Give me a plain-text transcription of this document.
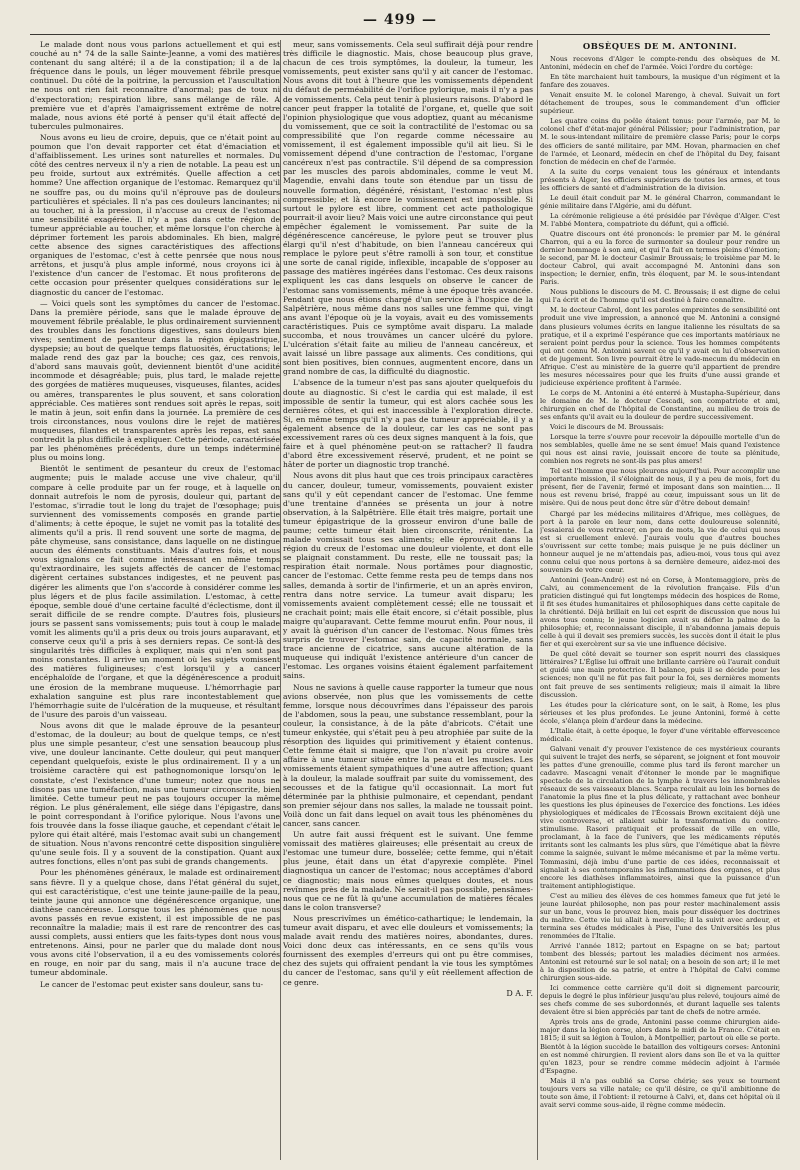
— 499 —

Le malade dont nous vous parlons actuellement et qui est couché au n° 74 de la salle Sainte-Jeanne, a vomi des matières contenant du sang altéré; il a de la constipation; il a de la fréquence dans le pouls, un léger mouvement fébrile presque continuel. Du côté de la poitrine, la percussion et l'auscultation ne nous ont rien fait reconnaître d'anormal; pas de toux ni d'expectoration; respiration libre, sans mélange de râle. A première vue et d'après l'amaigrissement extrême de notre malade, nous avions été porté à penser qu'il était affecté de tubercules pulmonaires.

Nous avons eu lieu de croire, depuis, que ce n'était point au poumon que l'on devait rapporter cet état d'émaciation et d'affaiblissement. Les urines sont naturelles et normales. Du côté des centres nerveux il n'y a rien de notable. La peau est un peu froide, surtout aux extrémités. Quelle affection a cet homme? Une affection organique de l'estomac. Remarquez qu'il ne souffre pas, ou du moins qu'il n'éprouve pas de douleurs particulières et spéciales. Il n'a pas ces douleurs lancinantes; ni au toucher, ni à la pression, il n'accuse au creux de l'estomac une sensibilité exagérée. Il n'y a pas dans cette région de tumeur appréciable au toucher, et même lorsque l'on cherche à déprimer fortement les parois abdominales. Eh bien, malgré cette absence des signes caractéristiques des affections organiques de l'estomac, c'est à cette penrsée que nous nous arrêtons, et jusqu'à plus ample informé, nous croyons ici à l'existence d'un cancer de l'estomac. Et nous profiterons de cette occasion pour présenter quelques considérations sur le diagnostic du cancer de l'estomac.

— Voici quels sont les symptômes du cancer de l'estomac. Dans la première période, sans que le malade éprouve de mouvement fébrile préalable, le plus ordinairement surviennent des troubles dans les fonctions digestives, sans douleurs bien vives; sentiment de pesanteur dans la région épigastrique, dyspepsie; au bout de quelque temps flatuosités, éructations; le malade rend des gaz par la bouche; ces gaz, ces renvois, d'abord sans mauvais goût, deviennent bientôt d'une acidité incommode et désagréable; puis, plus tard, le malade rejette des gorgées de matières muqueuses, visqueuses, filantes, acides ou amères, transparentes le plus souvent, et sans coloration appréciable. Ces matières sont rendues soit après le repas, soit le matin à jeun, soit enfin dans la journée. La première de ces trois circonstances, nous voulons dire le rejet de matières muqueuses, filantes et transparentes après les repas, est sans contredit la plus difficile à expliquer. Cette période, caractérisée par les phénomènes précédents, dure un temps indéterminé plus ou moins long.

Bientôt le sentiment de pesanteur du creux de l'estomac augmente; puis le malade accuse une vive chaleur, qu'il compare à celle produite par un fer rouge, et à laquelle on donnait autrefois le nom de pyrosis, douleur qui, partant de l'estomac, s'irradie tout le long du trajet de l'œsophage; puis surviennent des vomissements composés en grande partie d'aliments; à cette époque, le sujet ne vomit pas la totalité des aliments qu'il a pris. Il rend souvent une sorte de magma, de pâte chymeuse, sans consistance, dans laquelle on ne distingue aucun des éléments constituants. Mais d'autres fois, et nous vous signalons ce fait comme intéressant en même temps qu'extraordinaire, les sujets affectés de cancer de l'estomac digèrent certaines substances indigestes, et ne peuvent pas digérer les aliments que l'on s'accorde à considérer comme les plus légers et de plus facile assimilation. L'estomac, à cette époque, semble doué d'une certaine faculté d'éclectisme, dont il serait difficile de se rendre compte. D'autres fois, plusieurs jours se passent sans vomissements; puis tout à coup le malade vomit les aliments qu'il a pris deux ou trois jours auparavant, et conserve ceux qu'il a pris à ses derniers repas. Ce sont-là des singularités très difficiles à expliquer, mais qui n'en sont pas moins constantes. Il arrive un moment où les sujets vomissent des matières fuligineuses; c'est lorsqu'il y a cancer encéphaloïde de l'organe, et que la dégénérescence a produit une érosion de la membrane muqueuse. L'hémorrhagie par exhalation sanguine est plus rare incontestablement que l'hémorrhagie suite de l'ulcération de la muqueuse, et résultant de l'usure des parois d'un vaisseau.

Nous avons dit que le malade éprouve de la pesanteur d'estomac, de la douleur; au bout de quelque temps, ce n'est plus une simple pesanteur, c'est une sensation beaucoup plus vive, une douleur lancinante. Cette douleur, qui peut manquer cependant quelquefois, existe le plus ordinairement. Il y a un troisième caractère qui est pathognomonique lorsqu'on le constate, c'est l'existence d'une tumeur; notez que nous ne disons pas une tuméfaction, mais une tumeur circonscrite, bien limitée. Cette tumeur peut ne pas toujours occuper la même région. Le plus généralement, elle siége dans l'épigastre, dans le point correspondant à l'orifice pylorique. Nous l'avons une fois trouvée dans la fosse iliaque gauche, et cependant c'était le pylore qui était altéré, mais l'estomac avait subi un changement de situation. Nous n'avons rencontré cette disposition singulière qu'une seule fois. Il y a souvent de la constipation. Quant aux autres fonctions, elles n'ont pas subi de grands changements.

Pour les phénomènes généraux, le malade est ordinairement sans fièvre. Il y a quelque chose, dans l'état général du sujet, qui est caractéristique, c'est une teinte jaune-paille de la peau, teinte jaune qui annonce une dégénérescence organique, une diathèse cancéreuse. Lorsque tous les phénomènes que nous avons passés en revue existent, il est impossible de ne pas reconnaître la maladie; mais il est rare de rencontrer des cas aussi complets, aussi entiers que les faits-types dont nous vous entretenons. Ainsi, pour ne parler que du malade dont nous vous avons cité l'observation, il a eu des vomissements colorés en rouge, en noir par du sang, mais il n'a aucune trace de tumeur abdominale.

Le cancer de l'estomac peut exister sans douleur, sans tu-

meur, sans vomissements. Cela seul suffirait déjà pour rendre très difficile le diagnostic. Mais, chose beaucoup plus grave, chacun de ces trois symptômes, la douleur, la tumeur, les vomissements, peut exister sans qu'il y ait cancer de l'estomac. Nous avons dit tout à l'heure que les vomissements dépendent du défaut de perméabilité de l'orifice pylorique, mais il n'y a pas de vomissements. Cela peut tenir à plusieurs raisons. D'abord le cancer peut frapper la totalité de l'organe, et, quelle que soit l'opinion physiologique que vous adoptiez, quant au mécanisme du vomissement, que ce soit la contractilité de l'estomac ou sa compressibilité que l'on regarde comme nécessaire au vomissement, il est également impossible qu'il ait lieu. Si le vomissement dépend d'une contraction de l'estomac, l'organe cancéreux n'est pas contractile. S'il dépend de sa compression par les muscles des parois abdominales, comme le veut M. Magendie, envahi dans toute son étendue par un tissu de nouvelle formation, dégénéré, résistant, l'estomac n'est plus compressible; et là encore le vomissement est impossible. Si surtout le pylore est libre, comment cet acte pathologique pourrait-il avoir lieu? Mais voici une autre circonstance qui peut empêcher également le vomissement. Par suite de la dégénérescence cancéreuse, le pylore peut se trouver plus élargi qu'il n'est d'habitude, on bien l'anneau cancéreux qui remplace le pylore peut s'être ramolli à son tour, et constitue une sorte de canal rigide, inflexible, incapable de s'opposer au passage des matières ingérées dans l'estomac. Ces deux raisons expliquent les cas dans lesquels on observe le cancer de l'estomac sans vomissements, même à une époque très avancée. Pendant que nous étions chargé d'un service à l'hospice de la Salpêtrière, nous même dans nos salles une femme qui, vingt ans avant l'époque où je la voyais, avait eu des vomissements caractéristiques. Puis ce symptôme avait disparu. La malade succomba, et nous trouvâmes un cancer ulcéré du pylore. L'ulcération s'était faite au milieu de l'anneau cancéreux, et avait laissé un libre passage aux aliments. Ces conditions, qui sont bien positives, bien connues, augmentent encore, dans un grand nombre de cas, la difficulté du diagnostic.

L'absence de la tumeur n'est pas sans ajouter quelquefois du doute au diagnostic. Si c'est le cardia qui est malade, il est impossible de sentir la tumeur, qui est alors cachée sous les dernières côtes, et qui est inaccessible à l'exploration directe. Si, en même temps qu'il n'y a pas de tumeur appréciable, il y a également absence de la douleur, car les cas ne sont pas excessivement rares où ces deux signes manquent à la fois, que faire et à quel phénomène peut-on se rattacher? Il faudra d'abord être excessivement réservé, prudent, et ne point se hâter de porter un diagnostic trop tranché.

Nous avons dit plus haut que ces trois principaux caractères du cancer, douleur, tumeur, vomissements, pouvaient exister sans qu'il y eût cependant cancer de l'estomac. Une femme d'une trentaine d'années se présenta un jour à notre observation, à la Salpêtrière. Elle était très maigre, portait une tumeur épigastrique de la grosseur environ d'une balle de paume; cette tumeur était bien circonscrite, rénitente. La malade vomissait tous ses aliments; elle éprouvait dans la région du creux de l'estomac une douleur violente, et dont elle se plaignait constamment. Du reste, elle ne toussait pas; la respiration était normale. Nous portâmes pour diagnostic, cancer de l'estomac. Cette femme resta peu de temps dans nos salles, demanda à sortir de l'infirmerie, et un an après environ, rentra dans notre service. La tumeur avait disparu; les vomissements avaient complètement cessé; elle ne toussait et ne crachait point; mais elle était encore, si c'était possible, plus maigre qu'auparavant. Cette femme mourut enfin. Pour nous, il y avait là guérison d'un cancer de l'estomac. Nous fûmes très surpris de trouver l'estomac sain, de capacité normale, sans trace ancienne de cicatrice, sans aucune altération de la muqueuse qui indiquât l'existence antérieure d'un cancer de l'estomac. Les organes voisins étaient également parfaitement sains.

Nous ne savions à quelle cause rapporter la tumeur que nous avions observée, non plus que les vomissements de cette femme, lorsque nous découvrîmes dans l'épaisseur des parois de l'abdomen, sous la peau, une substance ressemblant, pour la couleur, la consistance, à de la pâte d'abricots. C'était une tumeur enkystée, qui s'était peu à peu atrophiée par suite de la résorption des liquides qui primitivement y étaient contenus. Cette femme était si maigre, que l'on n'avait pu croire avoir affaire à une tumeur située entre la peau et les muscles. Les vomissements étaient sympathiques d'une autre affection; quant à la douleur, la malade souffrait par suite du vomissement, des secousses et de la fatigue qu'il occasionnait. La mort fut déterminée par la phthisie pulmonaire, et cependant, pendant son premier séjour dans nos salles, la malade ne toussait point. Voilà donc un fait dans lequel on avait tous les phénomènes du cancer, sans cancer.

Un autre fait aussi fréquent est le suivant. Une femme vomissait des matières glaireuses; elle présentait au creux de l'estomac une tumeur dure, bosselée; cette femme, qui n'était plus jeune, était dans un état d'apyrexie complète. Pinel diagnostiqua un cancer de l'estomac; nous acceptâmes d'abord ce diagnostic; mais nous eûmes quelques doutes, et nous revînmes près de la malade. Ne serait-il pas possible, pensâmes-nous que ce ne fût là qu'une accumulation de matières fécales dans le colon transverse?

Nous prescrivîmes un émético-cathartique; le lendemain, la tumeur avait disparu, et avec elle douleurs et vomissements; la malade avait rendu des matières noires, abondantes, dures. Voici donc deux cas intéressants, en ce sens qu'ils vous fournissent des exemples d'erreurs qui ont pu être commises, chez des sujets qui offraient pendant la vie tous les symptômes du cancer de l'estomac, sans qu'il y eût réellement affection de ce genre.

D A. F.
OBSÈQUES DE M. ANTONINI.

Nous recevons d'Alger le compte-rendu des obsèques de M. Antonini, médecin en chef de l'armée. Voici l'ordre du cortége:

En tête marchaient huit tambours, la musique d'un régiment et la fanfare des zouaves.

Venait ensuite M. le colonel Marengo, à cheval. Suivait un fort détachement de troupes, sous le commandement d'un officier supérieur.

Les quatre coins du poêle étaient tenus: pour l'armée, par M. le colonel chef d'état-major général Pélissier; pour l'administration, par M. le sous-intendant militaire de première classe Paris; pour le corps des officiers de santé militaire, par MM. Hovan, pharmacien en chef de l'armée, et Leonard, médecin en chef de l'hôpital du Dey, faisant fonction de médecin en chef de l'armée.

A la suite du corps venaient tous les généraux et intendants présents à Alger, les officiers supérieurs de toutes les armes, et tous les officiers de santé et d'administration de la division.

Le deuil était conduit par M. le général Charron, commandant le génie militaire dans l'Algérie, ami du défunt.

La cérémonie religieuse a été présidée par l'évêque d'Alger. C'est M. l'abbé Montera, compatriote du défunt, qui a officié.

Quatre discours ont été prononcés: le premier par M. le général Charron, qui a eu la force de surmonter sa douleur pour rendre un dernier hommage à son ami, et qui l'a fait en termes pleins d'émotion; le second, par M. le docteur Casimir Broussais; le troisième par M. le docteur Cabrol, qui avait accompagné M. Antonini dans son inspection; le dernier, enfin, très éloquent, par M. le sous-intendant Paris.

Nous publions le discours de M. C. Broussais; il est digne de celui qui l'a écrit et de l'homme qu'il est destiné à faire connaître.

M. le docteur Cabrol, dont les paroles empreintes de sensibilité ont produit une vive impression, a annoncé que M. Antonini a consigné dans plusieurs volumes écrits en langue italienne les résultats de sa pratique, et il a exprimé l'espérance que ces importants matériaux ne seraient point perdus pour la science. Tous les hommes compétents qui ont connu M. Antonini savent ce qu'il y avait en lui d'observation et de jugement. Son livre pourrait être le vade-mecum du médecin en Afrique. C'est au ministère de la guerre qu'il appartient de prendre les mesures nécessaires pour que les fruits d'une aussi grande et judicieuse expérience profitent à l'armée.

Le corps de M. Antonini a été enterré à Mustapha-Supérieur, dans le domaine de M. le docteur Cescadi, son compatriote et ami, chirurgien en chef de l'hôpital de Constantine, au milieu de trois de ses enfants qu'il avait eu la douleur de perdre successivement.

Voici le discours de M. Broussais:

Lorsque la terre s'ouvre pour recevoir la dépouille mortelle d'un de nos semblables, quelle âme ne se sent émue! Mais quand l'existence qui nous est ainsi ravie, jouissait encore de toute sa plénitude, combien nos regrets ne sont-ils pas plus amers!

Tel est l'homme que nous pleurons aujourd'hui. Pour accomplir une importante mission, il s'éloignait de nous, il y a peu de mois, fort du présent, fier de l'avenir, fermé et imposant dans son maintien.... Il nous est revenu brisé, frappé au cœur, impuissant sous un lit de misère. Qui de nous peut donc être sûr d'être debout demain!

Chargé par les médecins militaires d'Afrique, mes collègues, de port à la parole en leur nom, dans cette douloureuse solennité, j'essaierai de vous retracer, en peu de mots, la vie de celui qui nous est si cruellement enlevé. J'aurais voulu que d'autres bouches s'ouvrissent sur cette tombe; mais puisque je ne puis décliner un honneur auquel je ne m'attendais pas, adieu-moi, vous tous qui avez connu celui que nous portons à sa dernière demeure, aidez-moi des souvenirs de votre cœur.

Antonini (Jean-André) est né en Corse, à Montemaggiore, près de Calvi, au commencement de la révolution française. Fils d'un praticien distingué qui fut longtemps médecin des hospices de Rome, il fit ses études humanitaires et philosophiques dans cette capitale de la chrétienté. Déjà brillait en lui cet esprit de discussion que nous lui avons tous connu; le jeune logicien avait su défier la palme de la philosophie; et, reconnaissant disciple, il n'abandonna jamais depuis celle à qui il devait ses premiers succès, les succès dont il était le plus fier et qui exercèrent sur sa vie une influence décisive.

De quel côté devait se tourner son esprit nourri des classiques littéraires? L'Église lui offrait une brillante carrière où l'aurait conduit et guidé une main protectrice. Il balance, puis il se décide pour les sciences; non qu'il ne fût pas fait pour la foi, ses dernières moments ont fait preuve de ses sentiments religieux; mais il aimait la libre discussion.

Les études pour la cléricature sont, on le sait, à Rome, les plus sérieuses et les plus profondes. Le jeune Antonini, formé à cette école, s'élança plein d'ardeur dans la médecine.

L'Italie était, à cette époque, le foyer d'une véritable effervescence médicale.

Galvani venait d'y prouver l'existence de ces mystérieux courants qui suivent le trajet des nerfs, se séparent, se joignent et font mouvoir les pattes d'une grenouille, comme plus tard ils feront marcher un cadavre. Mascagni venait d'étonner le monde par le magnifique spectacle de la circulation de la lymphe à travers les innombrables réseaux de ses vaisseaux blancs. Scarpa reculait au loin les bornes de l'anatomie la plus fine et la plus délicate, y rattachant avec bonheur les questions les plus épineuses de l'exercice des fonctions. Les idées physiologiques et médicales de l'Écossais Brown excitaient déjà une vive controverse, et allaient subir la transformation du contro-stimulisme. Rasori pratiquait et professait de ville en ville, proclamant, à la face de l'univers, que les médicaments réputés irritants sont les calmants les plus sûrs, que l'émétique abat la fièvre comme la saignée, suivant le même mécanisme et par la même vertu. Tommasini, déjà imbu d'une partie de ces idées, reconnaissait et signalait à ses contemporains les inflammations des organes, et plus encore les diathèses inflammatoires, ainsi que la puissance d'un traitement antiphlogistique.

C'est au milieu des élèves de ces hommes fameux que fut jeté le jeune lauréat philosophe, non pas pour rester machinalement assis sur un banc, vous le prouvez bien, mais pour disséquer les doctrines du maître. Cette vie lui allait à merveille; il la suivit avec ardeur, et termina ses études médicales à Pise, l'une des Universités les plus renommées de l'Italie.

Arrivé l'année 1812; partout en Espagne on se bat; partout tombent des blessés; partout les maladies déciment nos armées. Antonini est retourné sur le sol natal; on a besoin de son art; il le met à la disposition de sa patrie, et entre à l'hôpital de Calvi comme chirurgien sous-aide.

Ici commence cette carrière qu'il doit si dignement parcourir, depuis le degré le plus inférieur jusqu'au plus relevé, toujours aimé de ses chefs comme de ses subordonnés, et durant laquelle ses talents devaient être si bien appréciés par tant de chefs de notre armée.

Après trois ans de grade, Antonini passe comme chirurgien aide-major dans la légion corse, alors dans le midi de la France. C'était en 1815; il suit sa légion à Toulon, à Montpellier, partout où elle se porte. Bientôt à la légion succède le bataillon des voltigeurs corses: Antonini en est nommé chirurgien. Il revient alors dans son île et va la quitter qu'en 1823, pour se rendre comme médecin adjoint à l'armée d'Espagne.

Mais il n'a pas oublié sa Corse chérie; ses yeux se tournent toujours vers sa ville natale; ce qu'il désire, ce qu'il ambitionne de toute son âme, il l'obtient: il retourne à Calvi, et, dans cet hôpital où il avait servi comme sous-aide, il règne comme médecin.
